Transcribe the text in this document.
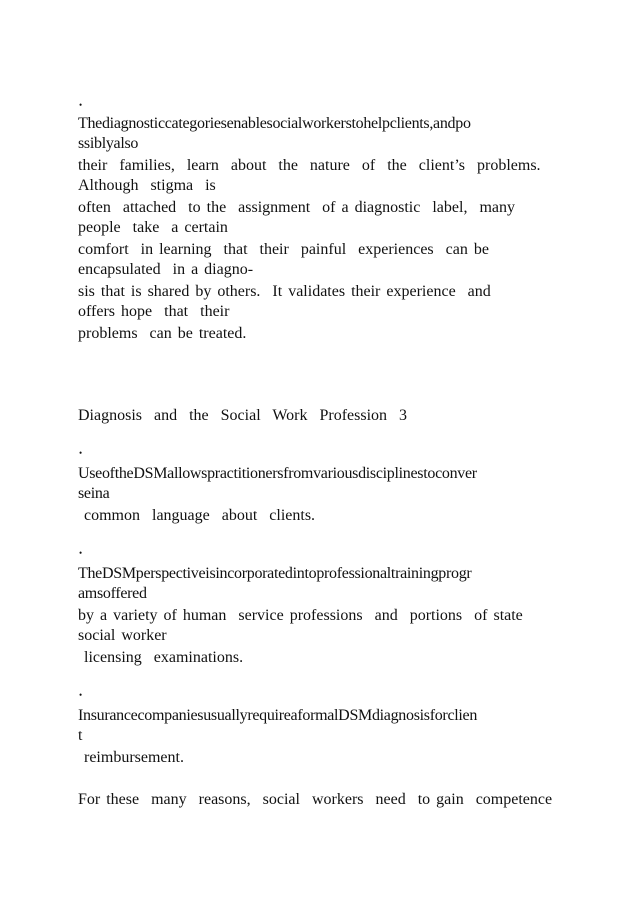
•
Thediagnosticcategoriesenablesocialworkerstohelpclients,andpo
ssiblyalso
their  families,  learn  about  the  nature  of  the  client’s  problems.
Although  stigma  is
often  attached  to the  assignment  of a diagnostic  label,  many
people  take  a certain
comfort  in learning  that  their  painful  experiences  can be
encapsulated  in a diagno-
sis that is shared by others.  It validates their experience  and
offers hope  that  their
problems  can be treated.
Diagnosis  and  the  Social  Work  Profession  3
•
UseoftheDSMallowspractitionersfromvariousdisciplinestoconver
seina
common  language  about  clients.
•
TheDSMperspectiveisincorporatedintoprofessionaltrainingprogr
amsoffered
by a variety of human  service professions  and  portions  of state
social worker
licensing  examinations.
•
InsurancecompaniesusuallyrequireaformalDSMdiagnosisforclien
t
reimbursement.
For these  many  reasons,  social  workers  need  to gain  competence
